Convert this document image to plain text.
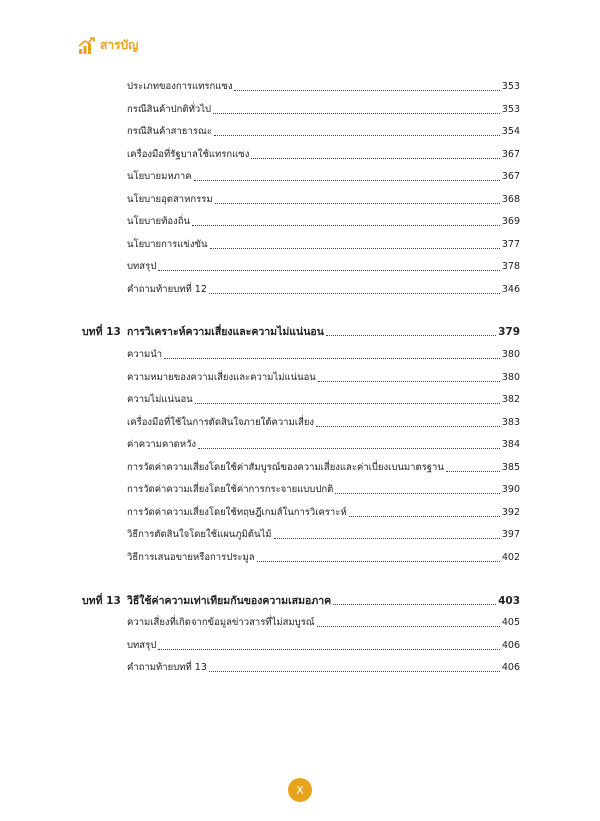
สารบัญ
ประเภทของการแทรกแซง	353
กรณีสินค้าปกติทั่วไป	353
กรณีสินค้าสาธารณะ	354
เครื่องมือที่รัฐบาลใช้แทรกแซง	367
นโยบายมหภาค	367
นโยบายอุตสาหกรรม	368
นโยบายท้องถิ่น	369
นโยบายการแข่งขัน	377
บทสรุป	378
คำถามท้ายบทที่ 12	346
บทที่ 13 การวิเคราะห์ความเสี่ยงและความไม่แน่นอน	379
ความนำ	380
ความหมายของความเสี่ยงและความไม่แน่นอน	380
ความไม่แน่นอน	382
เครื่องมือที่ใช้ในการตัดสินใจภายใต้ความเสี่ยง	383
ค่าความคาดหวัง	384
การวัดค่าความเสี่ยงโดยใช้ค่าสัมบูรณ์ของความเสี่ยงและค่าเบี่ยงเบนมาตรฐาน	385
การวัดค่าความเสี่ยงโดยใช้ค่าการกระจายแบบปกติ	390
การวัดค่าความเสี่ยงโดยใช้ทฤษฎีเกมส์ในการวิเคราะห์	392
วิธีการตัดสินใจโดยใช้แผนภูมิต้นไม้	397
วิธีการเสนอขายหรือการประมูล	402
บทที่ 13 วิธีใช้ค่าความเท่าเทียมกันของความเสมอภาค	403
ความเสี่ยงที่เกิดจากข้อมูลข่าวสารที่ไม่สมบูรณ์	405
บทสรุป	406
คำถามท้ายบทที่ 13	406
X
